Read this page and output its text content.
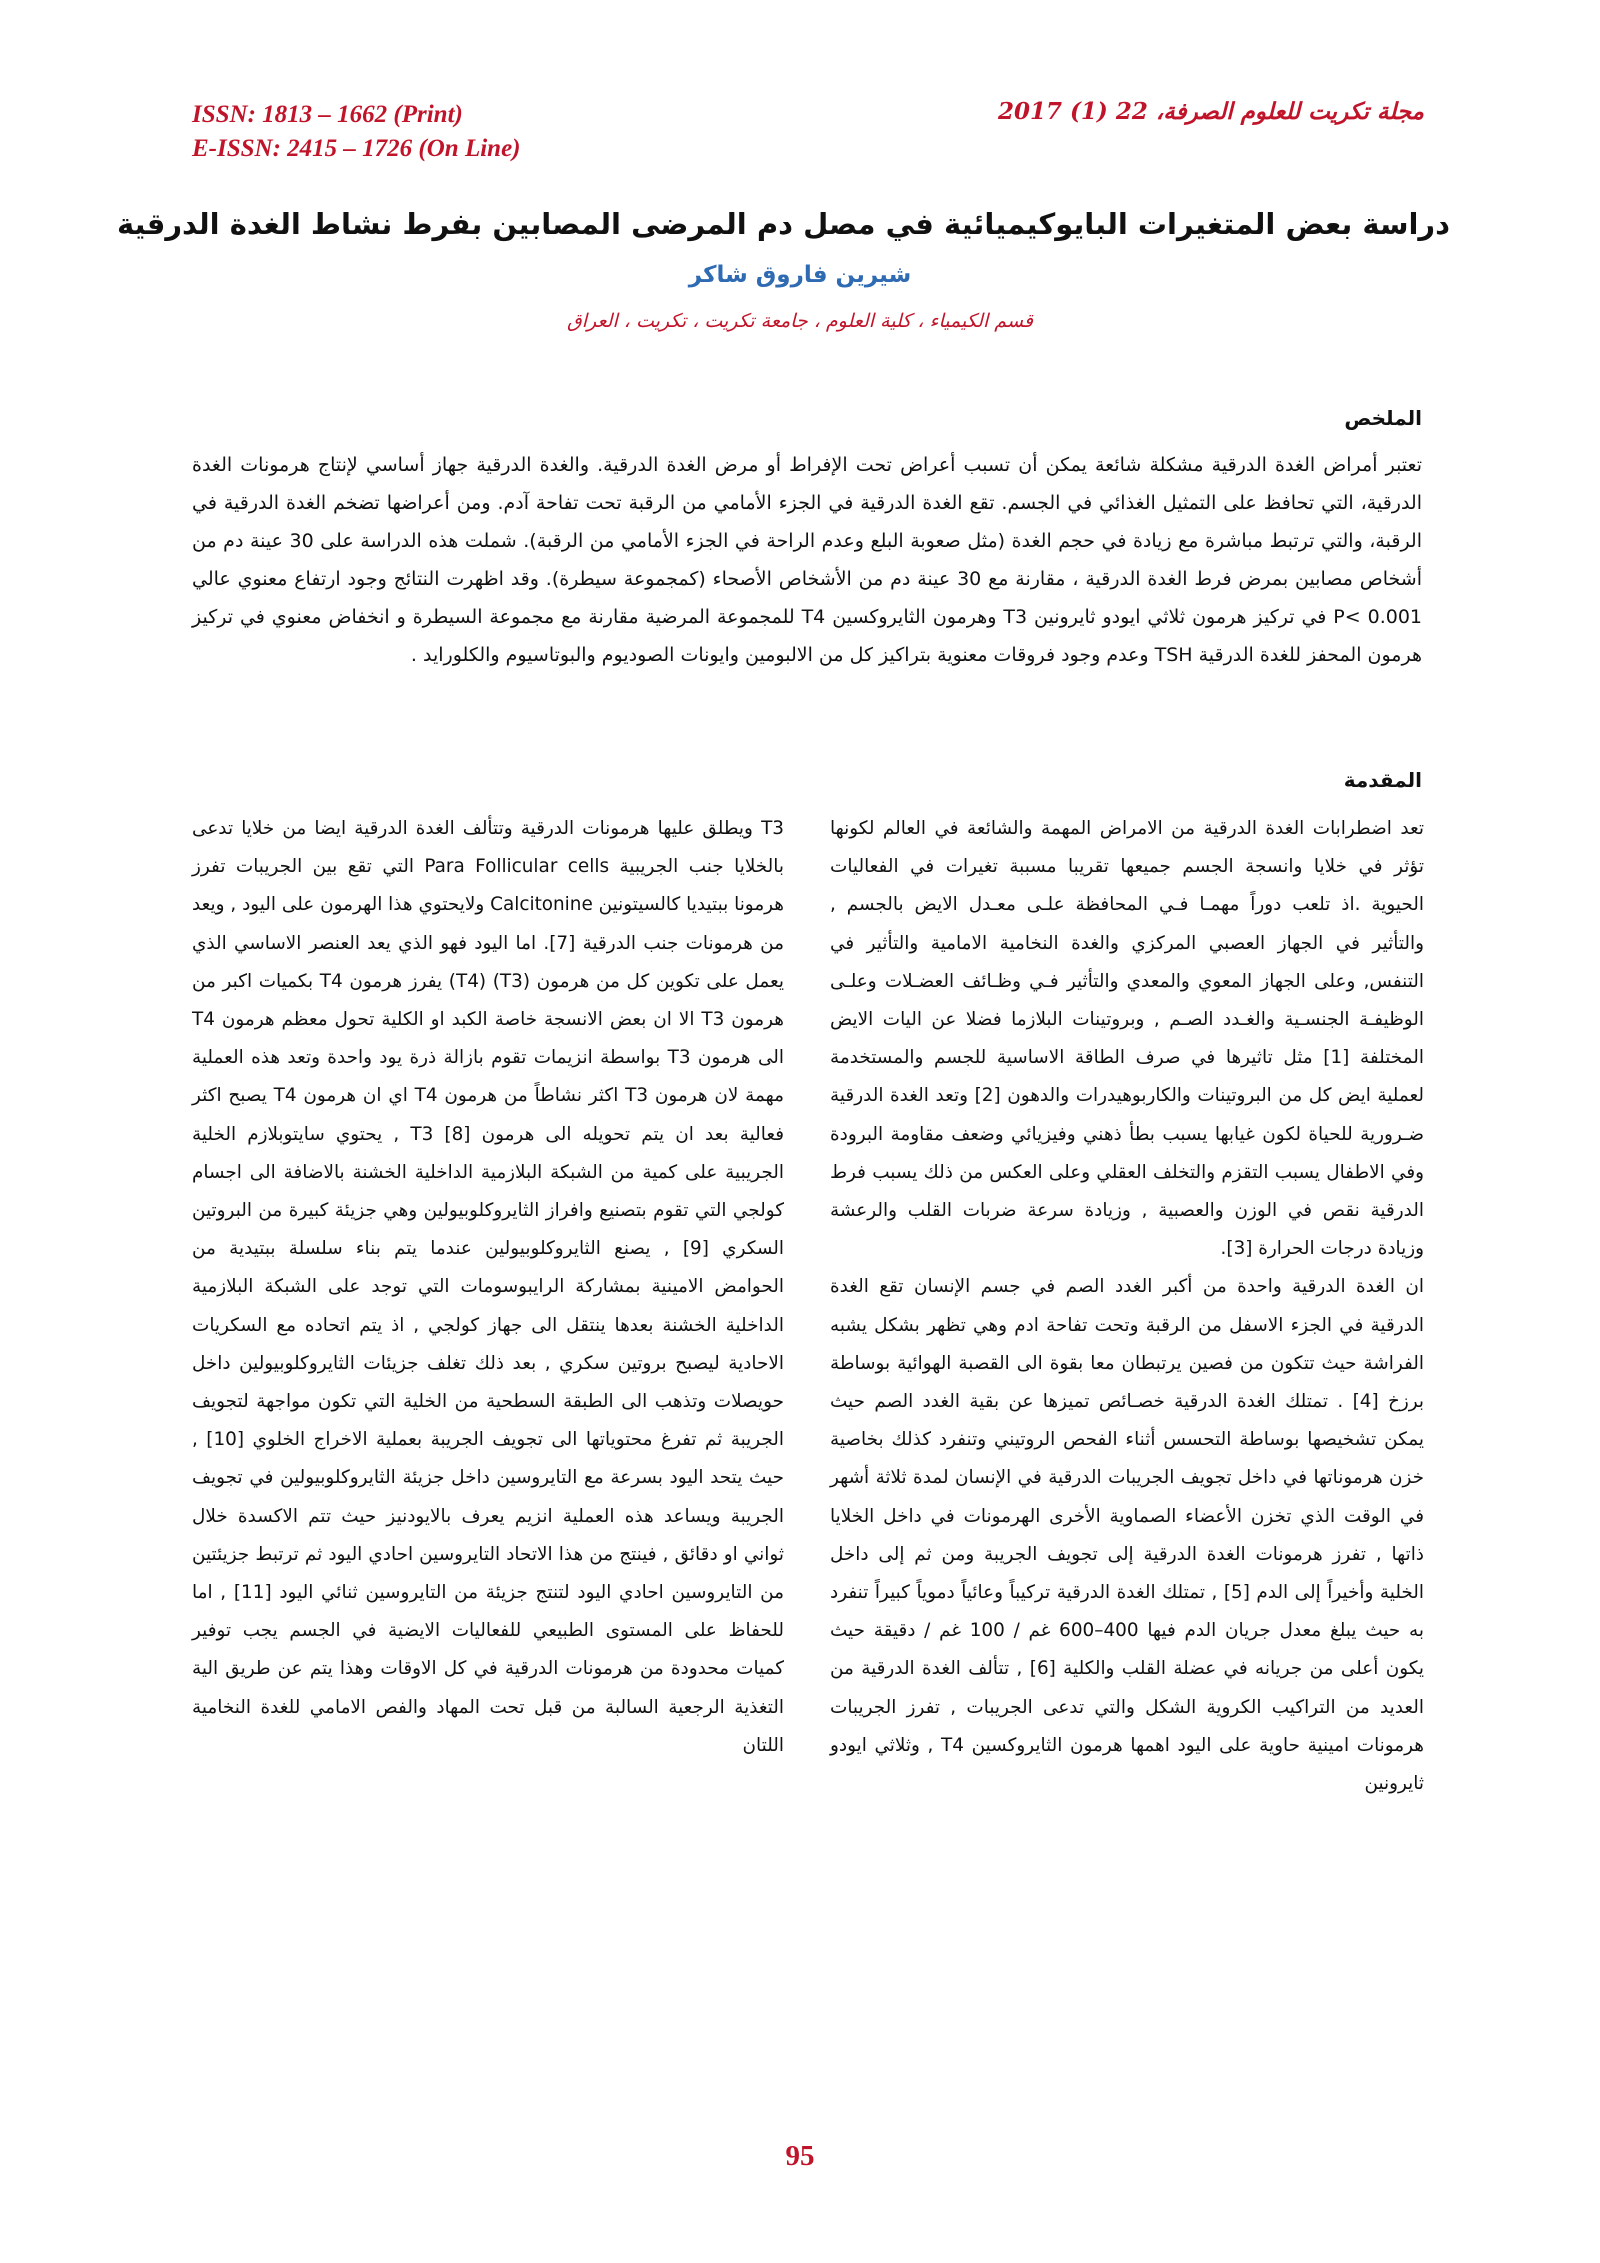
مجلة تكريت للعلوم الصرفة، 22 (1) 2017
ISSN: 1813 – 1662 (Print)
E-ISSN: 2415 – 1726 (On Line)
دراسة بعض المتغيرات البايوكيميائية في مصل دم المرضى المصابين بفرط نشاط الغدة الدرقية
شيرين فاروق شاكر
قسم الكيمياء ، كلية العلوم ، جامعة تكريت ، تكريت ، العراق
الملخص
تعتبر أمراض الغدة الدرقية مشكلة شائعة يمكن أن تسبب أعراض تحت الإفراط أو مرض الغدة الدرقية. والغدة الدرقية جهاز أساسي لإنتاج هرمونات الغدة الدرقية، التي تحافظ على التمثيل الغذائي في الجسم. تقع الغدة الدرقية في الجزء الأمامي من الرقبة تحت تفاحة آدم. ومن أعراضها تضخم الغدة الدرقية في الرقبة، والتي ترتبط مباشرة مع زيادة في حجم الغدة (مثل صعوبة البلع وعدم الراحة في الجزء الأمامي من الرقبة). شملت هذه الدراسة على 30 عينة دم من أشخاص مصابين بمرض فرط الغدة الدرقية ، مقارنة مع 30 عينة دم من الأشخاص الأصحاء (كمجموعة سيطرة). وقد اظهرت النتائج وجود ارتفاع معنوي عالي P< 0.001 في تركيز هرمون ثلاثي ايودو ثايرونين T3 وهرمون الثايروكسين T4 للمجموعة المرضية مقارنة مع مجموعة السيطرة و انخفاض معنوي في تركيز هرمون المحفز للغدة الدرقية TSH وعدم وجود فروقات معنوية بتراكيز كل من الالبومين وايونات الصوديوم والبوتاسيوم والكلورايد .
المقدمة

تعد اضطرابات الغدة الدرقية من الامراض المهمة والشائعة في العالم لكونها تؤثر في خلايا وانسجة الجسم جميعها تقريبا مسببة تغيرات في الفعاليات الحيوية .اذ تلعب دوراً مهمـا فـي المحافظة علـى معـدل الايض بالجسم , والتأثير في الجهاز العصبي المركزي والغدة النخامية الامامية والتأثير في التنفس, وعلى الجهاز المعوي والمعدي والتأثير فـي وظـائف العضـلات وعلـى الوظيفـة الجنسـية والغـدد الصـم , وبروتينات البلازما فضلا عن اليات الايض المختلفة [1] مثل تاثيرها في صرف الطاقة الاساسية للجسم والمستخدمة لعملية ايض كل من البروتينات والكاربوهيدرات والدهون [2] وتعد الغدة الدرقية ضـرورية للحياة لكون غيابها يسبب بطأ ذهني وفيزيائي وضعف مقاومة البرودة وفي الاطفال يسبب التقزم والتخلف العقلي وعلى العكس من ذلك يسبب فرط الدرقية نقص في الوزن والعصبية , وزيادة سرعة ضربات القلب والرعشة وزيادة درجات الحرارة [3].

ان الغدة الدرقية واحدة من أكبر الغدد الصم في جسم الإنسان تقع الغدة الدرقية في الجزء الاسفل من الرقبة وتحت تفاحة ادم وهي تظهر بشكل يشبه الفراشة حيث تتكون من فصين يرتبطان معا بقوة الى القصبة الهوائية بوساطة برزخ [4] . تمتلك الغدة الدرقية خصـائص تميزها عن بقية الغدد الصم حيث يمكن تشخيصها بوساطة التحسس أثناء الفحص الروتيني وتنفرد كذلك بخاصية خزن هرموناتها في داخل تجويف الجريبات الدرقية في الإنسان لمدة ثلاثة أشهر في الوقت الذي تخزن الأعضاء الصماوية الأخرى الهرمونات في داخل الخلايا ذاتها , تفرز هرمونات الغدة الدرقية إلى تجويف الجريبة ومن ثم إلى داخل الخلية وأخيراً إلى الدم [5] , تمتلك الغدة الدرقية تركيباً وعائياً دموياً كبيراً تنفرد به حيث يبلغ معدل جريان الدم فيها 400–600 غم / 100 غم / دقيقة حيث يكون أعلى من جريانه في عضلة القلب والكلية [6] , تتألف الغدة الدرقية من العديد من التراكيب الكروية الشكل والتي تدعى الجريبات , تفرز الجريبات هرمونات امينية حاوية على اليود اهمها هرمون الثايروكسين T4 , وثلاثي ايودو ثايرونين

T3 ويطلق عليها هرمونات الدرقية وتتألف الغدة الدرقية ايضا من خلايا تدعى بالخلايا جنب الجريبية Para Follicular cells التي تقع بين الجريبات تفرز هرمونا ببتيديا كالسيتونين Calcitonine ولايحتوي هذا الهرمون على اليود , ويعد من هرمونات جنب الدرقية [7]. اما اليود فهو الذي يعد العنصر الاساسي الذي يعمل على تكوين كل من هرمون (T3) (T4) يفرز هرمون T4 بكميات اكبر من هرمون T3 الا ان بعض الانسجة خاصة الكبد او الكلية تحول معظم هرمون T4 الى هرمون T3 بواسطة انزيمات تقوم بازالة ذرة يود واحدة وتعد هذه العملية مهمة لان هرمون T3 اكثر نشاطاً من هرمون T4 اي ان هرمون T4 يصبح اكثر فعالية بعد ان يتم تحويله الى هرمون T3 [8] , يحتوي سايتوبلازم الخلية الجريبية على كمية من الشبكة البلازمية الداخلية الخشنة بالاضافة الى اجسام كولجي التي تقوم بتصنيع وافراز الثايروكلوبيولين وهي جزيئة كبيرة من البروتين السكري [9] , يصنع الثايروكلوبيولين عندما يتم بناء سلسلة ببتيدية من الحوامض الامينية بمشاركة الرايبوسومات التي توجد على الشبكة البلازمية الداخلية الخشنة بعدها ينتقل الى جهاز كولجي , اذ يتم اتحاده مع السكريات الاحادية ليصبح بروتين سكري , بعد ذلك تغلف جزيئات الثايروكلوبيولين داخل حويصلات وتذهب الى الطبقة السطحية من الخلية التي تكون مواجهة لتجويف الجريبة ثم تفرغ محتوياتها الى تجويف الجريبة بعملية الاخراج الخلوي [10] , حيث يتحد اليود بسرعة مع التايروسين داخل جزيئة الثايروكلوبيولين في تجويف الجريبة ويساعد هذه العملية انزيم يعرف بالايودنيز حيث تتم الاكسدة خلال ثواني او دقائق , فينتج من هذا الاتحاد التايروسين احادي اليود ثم ترتبط جزيئتين من التايروسين احادي اليود لتنتج جزيئة من التايروسين ثنائي اليود [11] , اما للحفاظ على المستوى الطبيعي للفعاليات الايضية في الجسم يجب توفير كميات محدودة من هرمونات الدرقية في كل الاوقات وهذا يتم عن طريق الية التغذية الرجعية السالبة من قبل تحت المهاد والفص الامامي للغدة النخامية اللتان

95
